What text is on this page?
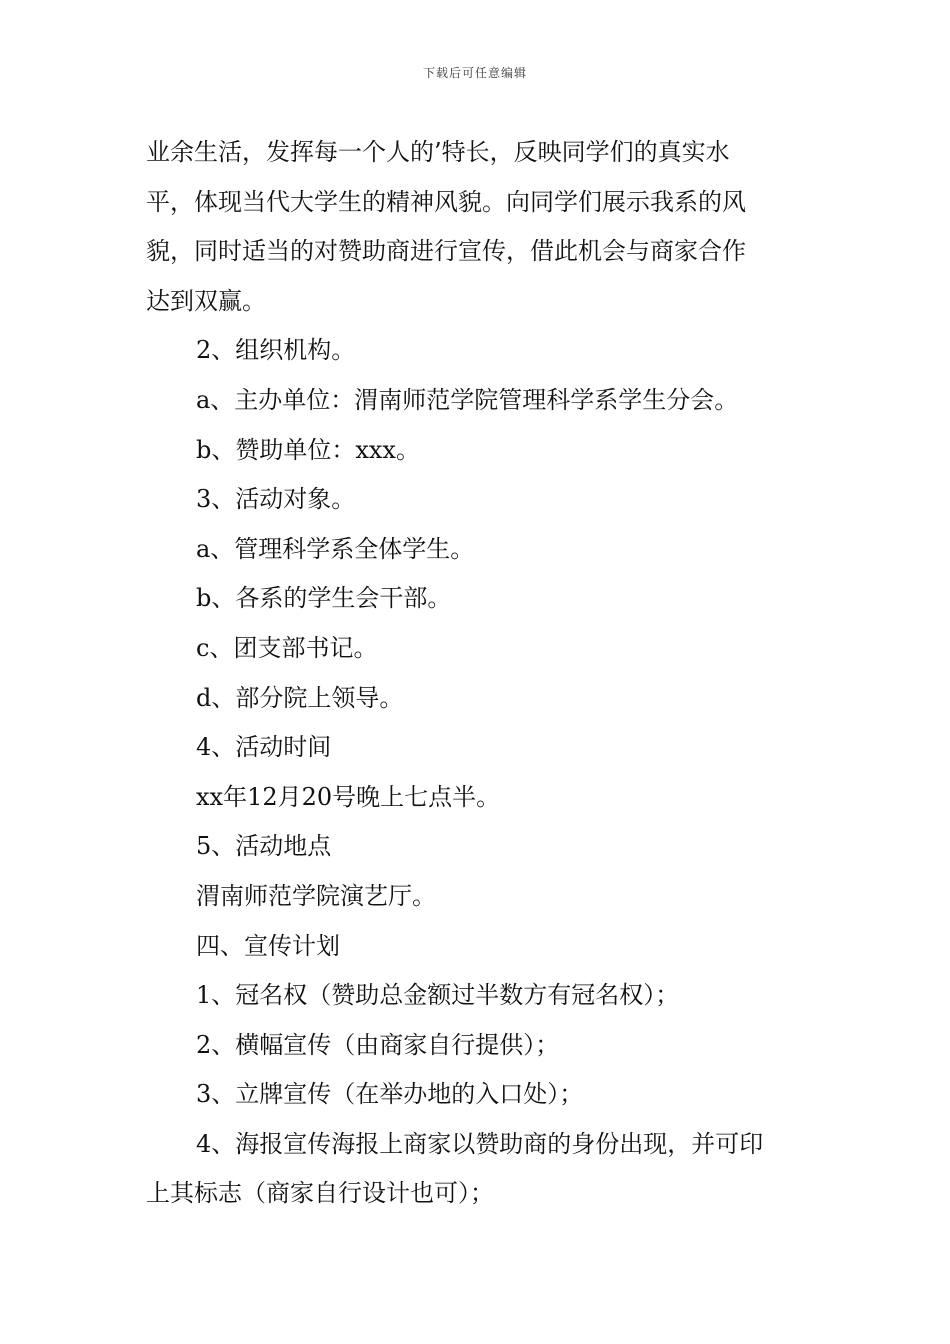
下载后可任意编辑
业余生活，发挥每一个人的’特长，反映同学们的真实水
平，体现当代大学生的精神风貌。向同学们展示我系的风
貌，同时适当的对赞助商进行宣传，借此机会与商家合作
达到双赢。
2、组织机构。
a、主办单位：渭南师范学院管理科学系学生分会。
b、赞助单位：xxx。
3、活动对象。
a、管理科学系全体学生。
b、各系的学生会干部。
c、团支部书记。
d、部分院上领导。
4、活动时间
xx年12月20号晚上七点半。
5、活动地点
渭南师范学院演艺厅。
四、宣传计划
1、冠名权（赞助总金额过半数方有冠名权）；
2、横幅宣传（由商家自行提供）；
3、立牌宣传（在举办地的入口处）；
4、海报宣传海报上商家以赞助商的身份出现，并可印
上其标志（商家自行设计也可）；
